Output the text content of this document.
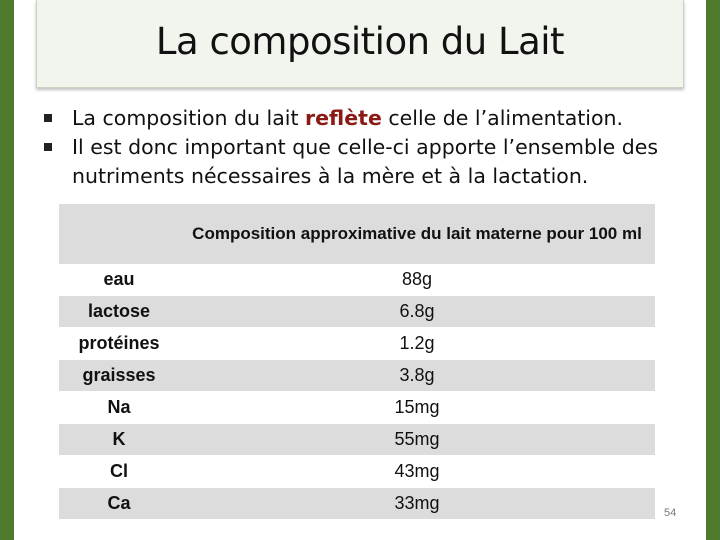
La composition du Lait
La composition du lait reflète celle de l’alimentation.
Il est donc important que celle-ci apporte l’ensemble des nutriments nécessaires à la mère et à la lactation.
	Composition approximative du lait materne pour 100 ml
eau	88g
lactose	6.8g
protéines	1.2g
graisses	3.8g
Na	15mg
K	55mg
Cl	43mg
Ca	33mg	54
